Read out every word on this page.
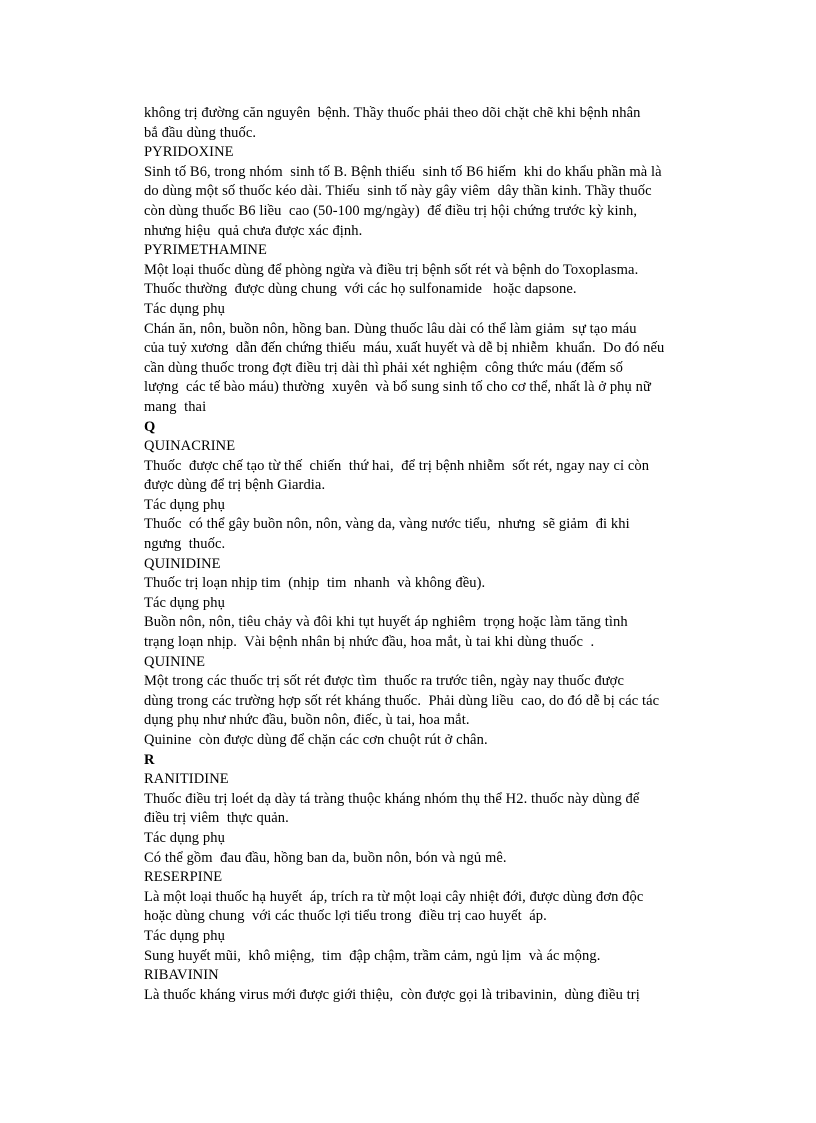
không trị đường căn nguyên  bệnh. Thầy thuốc phải theo dõi chặt chẽ khi bệnh nhân
bắ đầu dùng thuốc.
PYRIDOXINE
Sinh tố B6, trong nhóm  sinh tố B. Bệnh thiếu  sinh tố B6 hiếm  khi do khẩu phần mà là
do dùng một số thuốc kéo dài. Thiếu  sinh tố này gây viêm  dây thần kinh. Thầy thuốc
còn dùng thuốc B6 liều  cao (50-100 mg/ngày)  để điều trị hội chứng trước kỳ kinh,
nhưng hiệu  quả chưa được xác định.
PYRIMETHAMINE
Một loại thuốc dùng để phòng ngừa và điều trị bệnh sốt rét và bệnh do Toxoplasma.
Thuốc thường  được dùng chung  với các họ sulfonamide   hoặc dapsone.
Tác dụng phụ
Chán ăn, nôn, buồn nôn, hồng ban. Dùng thuốc lâu dài có thể làm giảm  sự tạo máu
của tuỷ xương  dẫn đến chứng thiếu  máu, xuất huyết và dễ bị nhiễm  khuẩn.  Do đó nếu
cần dùng thuốc trong đợt điều trị dài thì phải xét nghiệm  công thức máu (đếm số
lượng  các tế bào máu) thường  xuyên  và bổ sung sinh tố cho cơ thể, nhất là ở phụ nữ
mang  thai
Q
QUINACRINE
Thuốc  được chế tạo từ thế  chiến  thứ hai,  để trị bệnh nhiễm  sốt rét, ngay nay cỉ còn
được dùng để trị bệnh Giardia.
Tác dụng phụ
Thuốc  có thể gây buồn nôn, nôn, vàng da, vàng nước tiểu,  nhưng  sẽ giảm  đi khi
ngưng  thuốc.
QUINIDINE
Thuốc trị loạn nhịp tim  (nhịp  tim  nhanh  và không đều).
Tác dụng phụ
Buồn nôn, nôn, tiêu chảy và đôi khi tụt huyết áp nghiêm  trọng hoặc làm tăng tình
trạng loạn nhịp.  Vài bệnh nhân bị nhức đầu, hoa mắt, ù tai khi dùng thuốc  .
QUININE
Một trong các thuốc trị sốt rét được tìm  thuốc ra trước tiên, ngày nay thuốc được
dùng trong các trường hợp sốt rét kháng thuốc.  Phải dùng liều  cao, do đó dễ bị các tác
dụng phụ như nhức đầu, buồn nôn, điếc, ù tai, hoa mắt.
Quinine  còn được dùng để chặn các cơn chuột rút ở chân.
R
RANITIDINE
Thuốc điều trị loét dạ dày tá tràng thuộc kháng nhóm thụ thể H2. thuốc này dùng để
điều trị viêm  thực quản.
Tác dụng phụ
Có thể gồm  đau đầu, hồng ban da, buồn nôn, bón và ngủ mê.
RESERPINE
Là một loại thuốc hạ huyết  áp, trích ra từ một loại cây nhiệt đới, được dùng đơn độc
hoặc dùng chung  với các thuốc lợi tiểu trong  điều trị cao huyết  áp.
Tác dụng phụ
Sung huyết mũi,  khô miệng,  tim  đập chậm, trầm cảm, ngủ lịm  và ác mộng.
RIBAVININ
Là thuốc kháng virus mới được giới thiệu,  còn được gọi là tribavinin,  dùng điều trị
